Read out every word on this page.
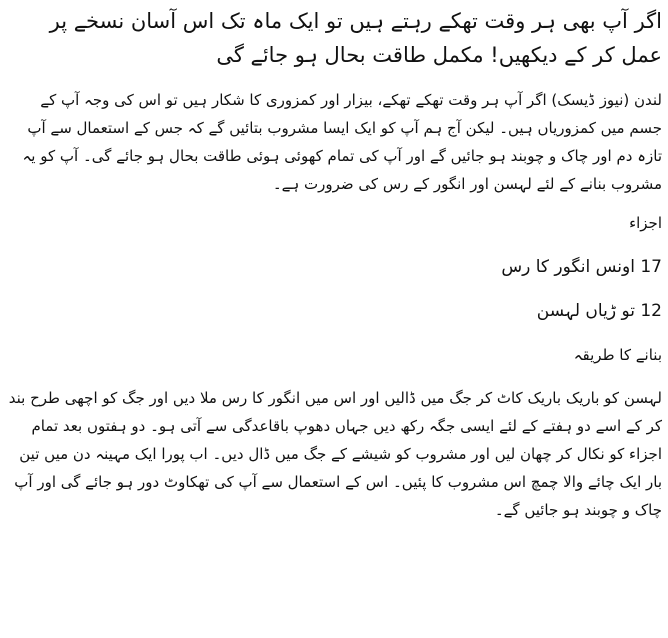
اگر آپ بھی ہر وقت تھکے رہتے ہیں تو ایک ماہ تک اس آسان نسخے پر عمل کر کے دیکھیں! مکمل طاقت بحال ہو جائے گی

لندن (نیوز ڈیسک) اگر آپ ہر وقت تھکے تھکے، بیزار اور کمزوری کا شکار ہیں تو اس کی وجہ آپ کے جسم میں کمزوریاں ہیں۔ لیکن آج ہم آپ کو ایک ایسا مشروب بتائیں گے کہ جس کے استعمال سے آپ تازہ دم اور چاک و چوبند ہو جائیں گے اور آپ کی تمام کھوئی ہوئی طاقت بحال ہو جائے گی۔ آپ کو یہ مشروب بنانے کے لئے لہسن اور انگور کے رس کی ضرورت ہے۔

اجزاء

17 اونس انگور کا رس

12 تو ڑیاں لہسن

بنانے کا طریقہ

لہسن کو باریک باریک کاٹ کر جگ میں ڈالیں اور اس میں انگور کا رس ملا دیں اور جگ کو اچھی طرح بند کر کے اسے دو ہفتے کے لئے ایسی جگہ رکھ دیں جہاں دھوپ باقاعدگی سے آتی ہو۔ دو ہفتوں بعد تمام اجزاء کو نکال کر چھان لیں اور مشروب کو شیشے کے جگ میں ڈال دیں۔ اب پورا ایک مہینہ دن میں تین بار ایک چائے والا چمچ اس مشروب کا پئیں۔ اس کے استعمال سے آپ کی تھکاوٹ دور ہو جائے گی اور آپ چاک و چوبند ہو جائیں گے۔
